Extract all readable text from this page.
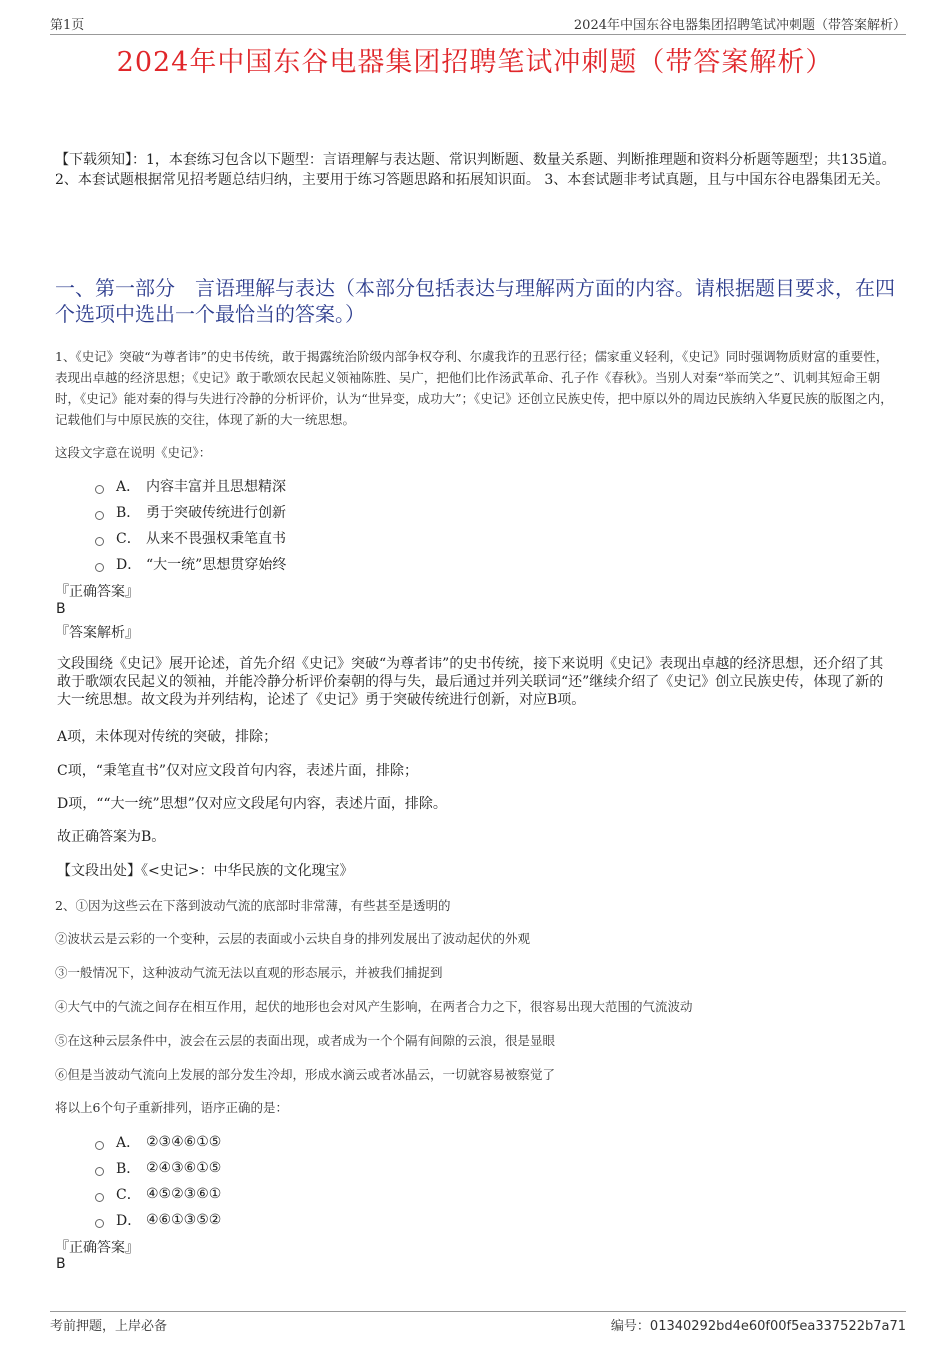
第1页	2024年中国东谷电器集团招聘笔试冲刺题（带答案解析）
2024年中国东谷电器集团招聘笔试冲刺题（带答案解析）
【下载须知】：1，本套练习包含以下题型：言语理解与表达题、常识判断题、数量关系题、判断推理题和资料分析题等题型；共135道。 2、本套试题根据常见招考题总结归纳，主要用于练习答题思路和拓展知识面。 3、本套试题非考试真题，且与中国东谷电器集团无关。
一、第一部分　言语理解与表达（本部分包括表达与理解两方面的内容。请根据题目要求，在四个选项中选出一个最恰当的答案。）
1、《史记》突破“为尊者讳”的史书传统，敢于揭露统治阶级内部争权夺利、尔虞我诈的丑恶行径；儒家重义轻利，《史记》同时强调物质财富的重要性，表现出卓越的经济思想；《史记》敢于歌颂农民起义领袖陈胜、吴广，把他们比作汤武革命、孔子作《春秋》。当别人对秦“举而笑之”、讥刺其短命王朝时，《史记》能对秦的得与失进行冷静的分析评价，认为“世异变，成功大”；《史记》还创立民族史传，把中原以外的周边民族纳入华夏民族的版图之内，记载他们与中原民族的交往，体现了新的大一统思想。
这段文字意在说明《史记》：
A． 内容丰富并且思想精深
B． 勇于突破传统进行创新
C． 从来不畏强权秉笔直书
D． “大一统”思想贯穿始终
『正确答案』
B
『答案解析』
文段围绕《史记》展开论述，首先介绍《史记》突破“为尊者讳”的史书传统，接下来说明《史记》表现出卓越的经济思想，还介绍了其敢于歌颂农民起义的领袖，并能冷静分析评价秦朝的得与失，最后通过并列关联词“还”继续介绍了《史记》创立民族史传，体现了新的大一统思想。故文段为并列结构，论述了《史记》勇于突破传统进行创新，对应B项。
A项，未体现对传统的突破，排除；
C项，“秉笔直书”仅对应文段首句内容，表述片面，排除；
D项，““大一统”思想”仅对应文段尾句内容，表述片面，排除。
故正确答案为B。
【文段出处】《<史记>：中华民族的文化瑰宝》
2、①因为这些云在下落到波动气流的底部时非常薄，有些甚至是透明的
②波状云是云彩的一个变种，云层的表面或小云块自身的排列发展出了波动起伏的外观
③一般情况下，这种波动气流无法以直观的形态展示，并被我们捕捉到
④大气中的气流之间存在相互作用，起伏的地形也会对风产生影响，在两者合力之下，很容易出现大范围的气流波动
⑤在这种云层条件中，波会在云层的表面出现，或者成为一个个隔有间隙的云浪，很是显眼
⑥但是当波动气流向上发展的部分发生冷却，形成水滴云或者冰晶云，一切就容易被察觉了
将以上6个句子重新排列，语序正确的是：
A． ②③④⑥①⑤
B． ②④③⑥①⑤
C． ④⑤②③⑥①
D． ④⑥①③⑤②
『正确答案』
B
考前押题，上岸必备	编号：01340292bd4e60f00f5ea337522b7a71
